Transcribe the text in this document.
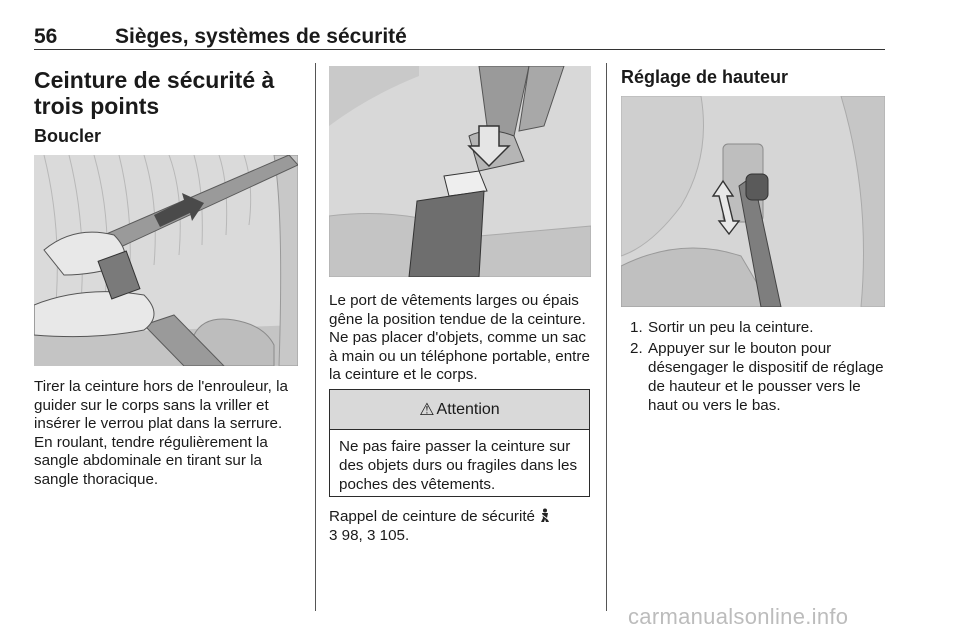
56	Sièges, systèmes de sécurité
Ceinture de sécurité à trois points
Boucler
Tirer la ceinture hors de l'enrouleur, la guider sur le corps sans la vriller et insérer le verrou plat dans la serrure. En roulant, tendre régulièrement la sangle abdominale en tirant sur la sangle thoracique.
Le port de vêtements larges ou épais gêne la position tendue de la ceinture. Ne pas placer d'objets, comme un sac à main ou un téléphone portable, entre la ceinture et le corps.
⚠ Attention
Ne pas faire passer la ceinture sur des objets durs ou fragiles dans les poches des vêtements.
Rappel de ceinture de sécurité
3 98, 3 105.
Réglage de hauteur
1. Sortir un peu la ceinture.
2. Appuyer sur le bouton pour désengager le dispositif de réglage de hauteur et le pousser vers le haut ou vers le bas.
carmanualsonline.info
